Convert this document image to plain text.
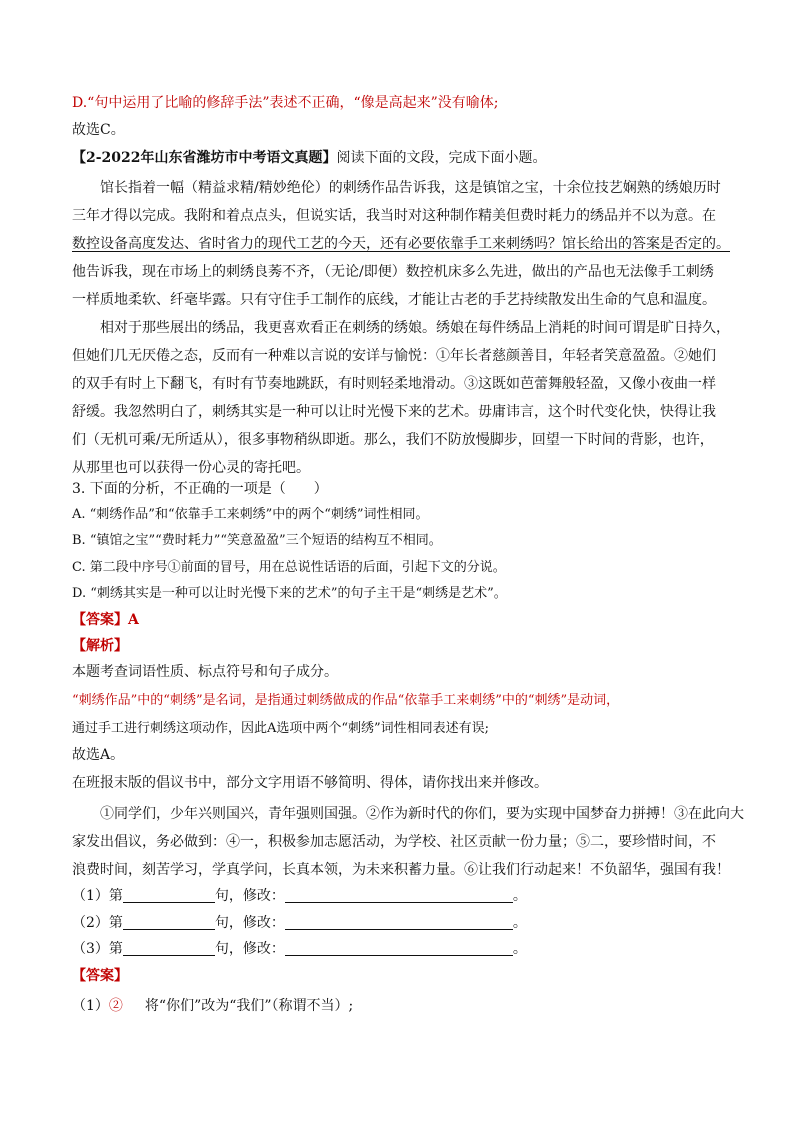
D.“句中运用了比喻的修辞手法”表述不正确，“像是高起来”没有喻体;
故选C。
【2-2022年山东省潍坊市中考语文真题】阅读下面的文段，完成下面小题。
馆长指着一幅（精益求精/精妙绝伦）的刺绣作品告诉我，这是镇馆之宝，十余位技艺娴熟的绣娘历时
三年才得以完成。我附和着点点头，但说实话，我当时对这种制作精美但费时耗力的绣品并不以为意。在
数控设备高度发达、省时省力的现代工艺的今天，还有必要依靠手工来刺绣吗？馆长给出的答案是否定的。
他告诉我，现在市场上的刺绣良莠不齐，（无论/即便）数控机床多么先进，做出的产品也无法像手工刺绣
一样质地柔软、纤毫毕露。只有守住手工制作的底线，才能让古老的手艺持续散发出生命的气息和温度。
相对于那些展出的绣品，我更喜欢看正在刺绣的绣娘。绣娘在每件绣品上消耗的时间可谓是旷日持久，
但她们几无厌倦之态，反而有一种难以言说的安详与愉悦：①年长者慈颜善目，年轻者笑意盈盈。②她们
的双手有时上下翻飞，有时有节奏地跳跃，有时则轻柔地滑动。③这既如芭蕾舞般轻盈，又像小夜曲一样
舒缓。我忽然明白了，刺绣其实是一种可以让时光慢下来的艺术。毋庸讳言，这个时代变化快，快得让我
们（无机可乘/无所适从），很多事物稍纵即逝。那么，我们不防放慢脚步，回望一下时间的背影，也许，
从那里也可以获得一份心灵的寄托吧。
3. 下面的分析，不正确的一项是（　　）
A. “刺绣作品”和“依靠手工来刺绣”中的两个“刺绣”词性相同。
B. “镇馆之宝”“费时耗力”“笑意盈盈”三个短语的结构互不相同。
C. 第二段中序号①前面的冒号，用在总说性话语的后面，引起下文的分说。
D. “刺绣其实是一种可以让时光慢下来的艺术”的句子主干是“刺绣是艺术”。
【答案】A
【解析】
本题考查词语性质、标点符号和句子成分。
“刺绣作品”中的“刺绣”是名词，是指通过刺绣做成的作品“依靠手工来刺绣”中的“刺绣”是动词，
通过手工进行刺绣这项动作，因此A选项中两个“刺绣”词性相同表述有误;
故选A。
在班报末版的倡议书中，部分文字用语不够简明、得体，请你找出来并修改。
①同学们，少年兴则国兴，青年强则国强。②作为新时代的你们，要为实现中国梦奋力拼搏！③在此向大
家发出倡议，务必做到：④一，积极参加志愿活动，为学校、社区贡献一份力量；⑤二，要珍惜时间，不
浪费时间，刻苦学习，学真学问，长真本领，为未来积蓄力量。⑥让我们行动起来！不负韶华，强国有我！
（1）第	句，修改：	。
（2）第	句，修改：	。
（3）第	句，修改：	。
【答案】
（1）② 将“你们”改为“我们”（称谓不当）;
